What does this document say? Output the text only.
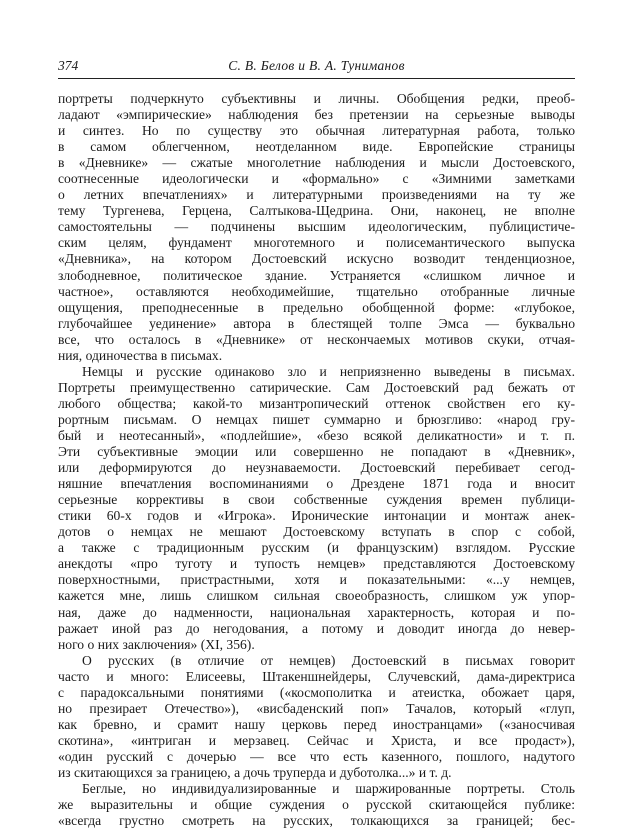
374	С. В. Белов и В. А. Туниманов
портреты подчеркнуто субъективны и личны. Обобщения редки, преоб-
ладают «эмпирические» наблюдения без претензии на серьезные выводы
и синтез. Но по существу это обычная литературная работа, только
в самом облегченном, неотделанном виде. Европейские страницы
в «Дневнике» — сжатые многолетние наблюдения и мысли Достоевского,
соотнесенные идеологически и «формально» с «Зимними заметками
о летних впечатлениях» и литературными произведениями на ту же
тему Тургенева, Герцена, Салтыкова-Щедрина. Они, наконец, не вполне
самостоятельны — подчинены высшим идеологическим, публицистиче-
ским целям, фундамент многотемного и полисемантического выпуска
«Дневника», на котором Достоевский искусно возводит тенденциозное,
злободневное, политическое здание. Устраняется «слишком личное и
частное», оставляются необходимейшие, тщательно отобранные личные
ощущения, преподнесенные в предельно обобщенной форме: «глубокое,
глубочайшее уединение» автора в блестящей толпе Эмса — буквально
все, что осталось в «Дневнике» от нескончаемых мотивов скуки, отчая-
ния, одиночества в письмах.
Немцы и русские одинаково зло и неприязненно выведены в письмах.
Портреты преимущественно сатирические. Сам Достоевский рад бежать от
любого общества; какой-то мизантропический оттенок свойствен его ку-
рортным письмам. О немцах пишет суммарно и брюзгливо: «народ гру-
бый и неотесанный», «подлейшие», «безо всякой деликатности» и т. п.
Эти субъективные эмоции или совершенно не попадают в «Дневник»,
или деформируются до неузнаваемости. Достоевский перебивает сегод-
няшние впечатления воспоминаниями о Дрездене 1871 года и вносит
серьезные коррективы в свои собственные суждения времен публици-
стики 60-х годов и «Игрока». Иронические интонации и монтаж анек-
дотов о немцах не мешают Достоевскому вступать в спор с собой,
а также с традиционным русским (и французским) взглядом. Русские
анекдоты «про туготу и тупость немцев» представляются Достоевскому
поверхностными, пристрастными, хотя и показательными: «...у немцев,
кажется мне, лишь слишком сильная своеобразность, слишком уж упор-
ная, даже до надменности, национальная характерность, которая и по-
ражает иной раз до негодования, а потому и доводит иногда до невер-
ного о них заключения» (XI, 356).
О русских (в отличие от немцев) Достоевский в письмах говорит
часто и много: Елисеевы, Штакеншнейдеры, Случевский, дама-директриса
с парадоксальными понятиями («космополитка и атеистка, обожает царя,
но презирает Отечество»), «висбаденский поп» Тачалов, который «глуп,
как бревно, и срамит нашу церковь перед иностранцами» («заносчивая
скотина», «интриган и мерзавец. Сейчас и Христа, и все продаст»),
«один русский с дочерью — все что есть казенного, пошлого, надутого
из скитающихся за границею, а дочь трупердa и дуботолка...» и т. д.
Беглые, но индивидуализированные и шаржированные портреты. Столь
же выразительны и общие суждения о русской скитающейся публике:
«всегда грустно смотреть на русских, толкающихся за границей; бес-
